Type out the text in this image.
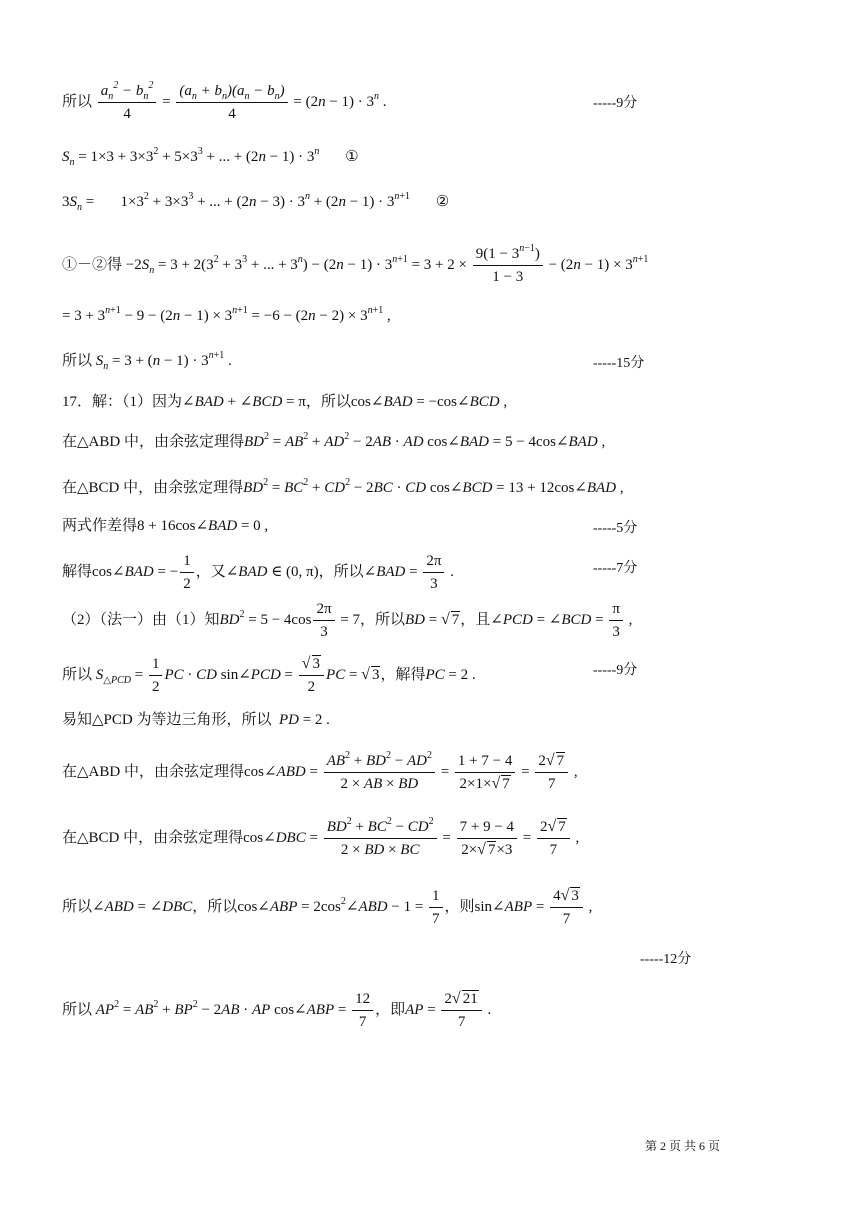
所以 $\frac{a_n^2 - b_n^2}{4} = \frac{(a_n + b_n)(a_n - b_n)}{4} = (2n - 1) \cdot 3^n$ .	-----9分
$S_n = 1\times 3 + 3\times 3^2 + 5\times 3^3$ + ... + $(2n - 1) \cdot 3^n$ ①
$3S_n$ =       $1\times 3^2 + 3\times 3^3$ + ... + $(2n - 3) \cdot 3^n + (2n - 1) \cdot 3^{n+1}$ ②
①－②得 $-2S_n = 3 + 2(3^2 + 3^3$ + ... + $3^n) - (2n - 1) \cdot 3^{n+1} = 3 + 2 \times \frac{9(1 - 3^{n-1})}{1 - 3} - (2n - 1) \times 3^{n+1}$
= $3 + 3^{n+1} - 9 - (2n - 1) \times 3^{n+1} = -6 - (2n - 2) \times 3^{n+1}$ ,
所以 $S_n = 3 + (n - 1) \cdot 3^{n+1}$ .	-----15分
17．解：（1）因为∠BAD + ∠BCD = π，所以cos∠BAD = −cos∠BCD ,
在△ABD 中，由余弦定理得$BD^2 = AB^2 + AD^2 - 2AB$ · AD cos∠BAD = 5 − 4cos∠BAD ,
在△BCD 中，由余弦定理得$BD^2 = BC^2 + CD^2 - 2BC$ · CD cos∠BCD = 13 + 12cos∠BAD ,
两式作差得8 + 16cos∠BAD = 0 ,	-----5分
解得cos∠BAD = − $\frac{1}{2}$ ，又∠BAD ∈ (0, π)，所以∠BAD = $\frac{2\pi}{3}$ .	-----7分
（2）（法一）由（1）知$BD^2 = 5 - 4\cos \frac{2\pi}{3} = 7$，所以BD = √ 7，且∠PCD = ∠BCD = $\frac{\pi}{3}$ ,
所以 $S_{\triangle PCD} = \frac{1}{2}$ PC · CD sin∠PCD = $\frac{√ 3}{2}$ PC = √ 3，解得PC = 2 .	-----9分
易知△PCD 为等边三角形，所以 PD = 2 .
在△ABD 中，由余弦定理得cos∠ABD = $\frac{AB^2 + BD^2 - AD^2}{2 \times AB \times BD} = \frac{1 + 7 - 4}{2\times 1\times√ 7} = \frac{2√ 7}{7}$ ,
在△BCD 中，由余弦定理得cos∠DBC = $\frac{BD^2 + BC^2 - CD^2}{2 \times BD \times BC} = \frac{7 + 9 - 4}{2\times√ 7\times 3} = \frac{2√ 7}{7}$ ,
所以∠ABD = ∠DBC，所以cos∠ABP = $2\cos^2\angle ABD - 1 = \frac{1}{7}$ ，则sin∠ABP = $\frac{4√ 3}{7}$ ,
-----12分
所以 $AP^2 = AB^2 + BP^2 - 2AB$ · AP cos∠ABP = $\frac{12}{7}$ ，即AP = $\frac{2√ 21}{7}$ .
第 2 页 共 6 页
